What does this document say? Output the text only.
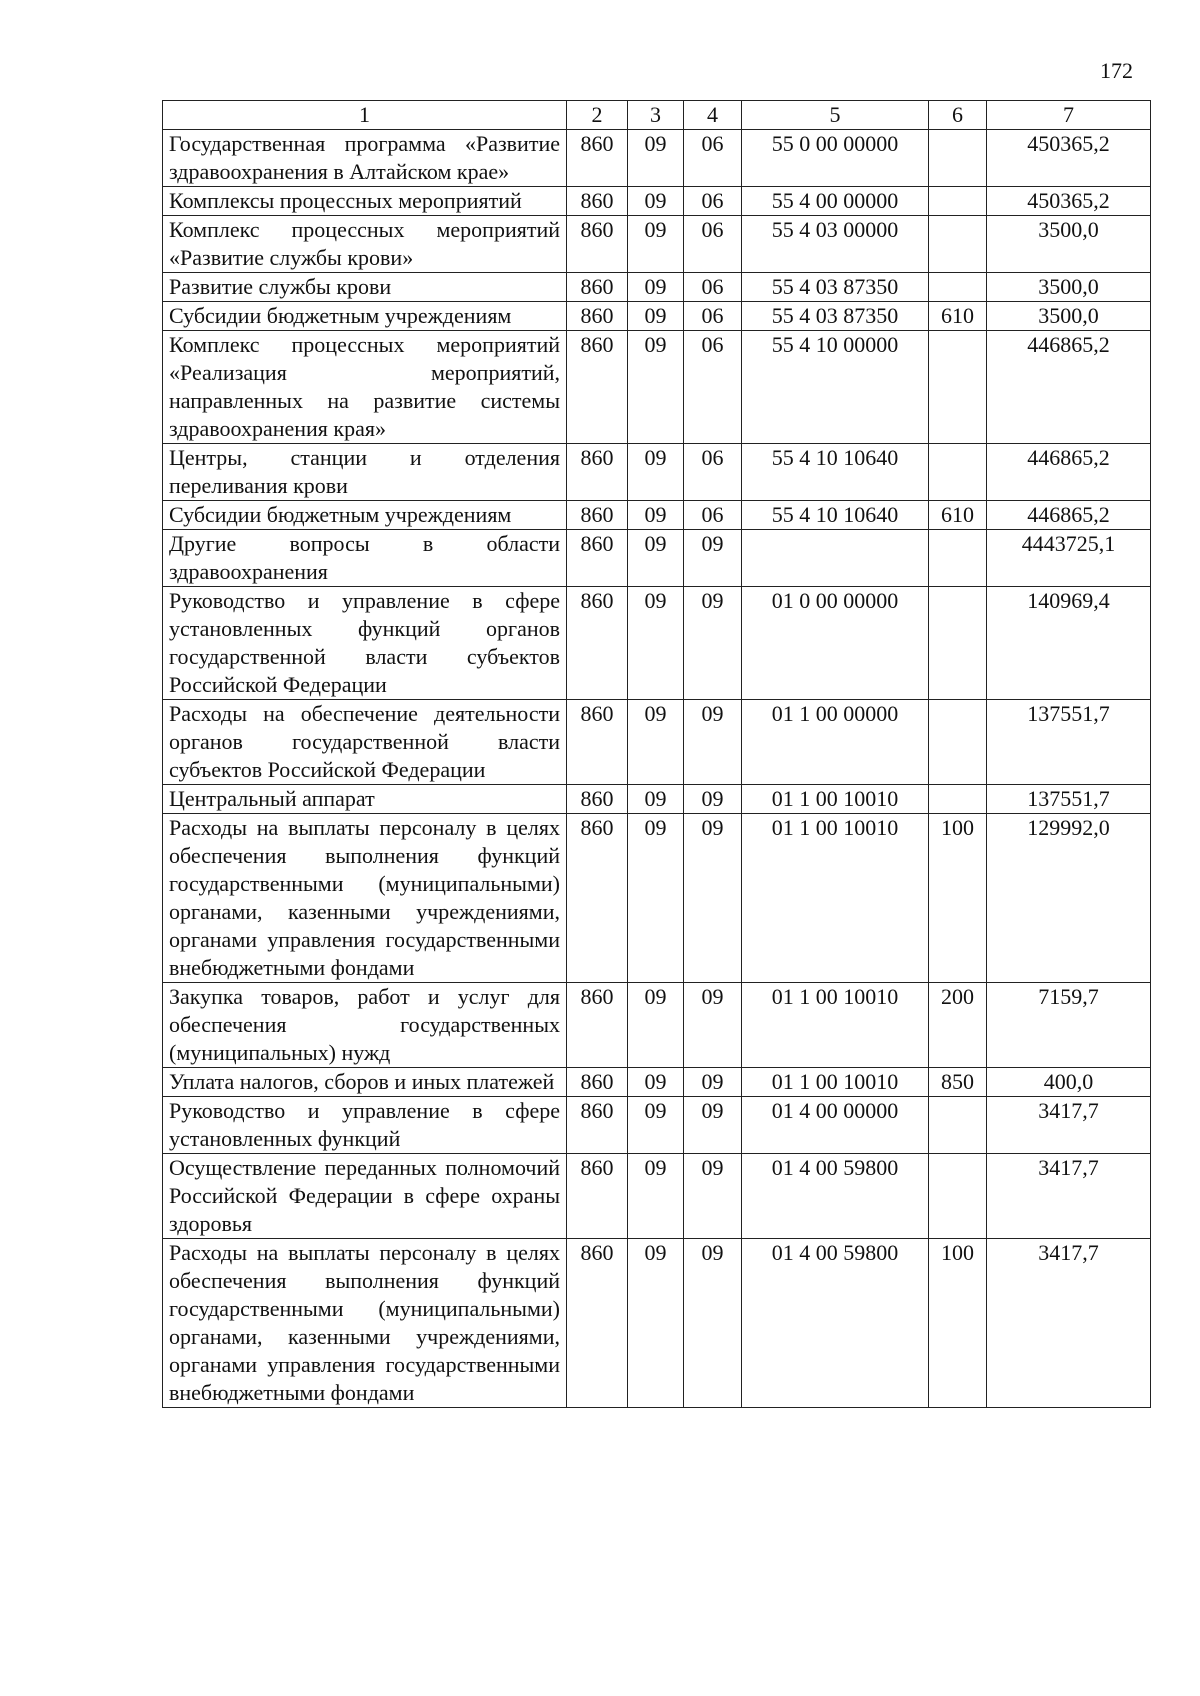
172
1	2	3	4	5	6	7
Государственная программа «Развитие здравоохранения в Алтайском крае»	860	09	06	55 0 00 00000		450365,2
Комплексы процессных мероприятий	860	09	06	55 4 00 00000		450365,2
Комплекс процессных мероприятий «Развитие службы крови»	860	09	06	55 4 03 00000		3500,0
Развитие службы крови	860	09	06	55 4 03 87350		3500,0
Субсидии бюджетным учреждениям	860	09	06	55 4 03 87350	610	3500,0
Комплекс процессных мероприятий «Реализация мероприятий, направленных на развитие системы здравоохранения края»	860	09	06	55 4 10 00000		446865,2
Центры, станции и отделения переливания крови	860	09	06	55 4 10 10640		446865,2
Субсидии бюджетным учреждениям	860	09	06	55 4 10 10640	610	446865,2
Другие вопросы в области здравоохранения	860	09	09			4443725,1
Руководство и управление в сфере установленных функций органов государственной власти субъектов Российской Федерации	860	09	09	01 0 00 00000		140969,4
Расходы на обеспечение деятельности органов государственной власти субъектов Российской Федерации	860	09	09	01 1 00 00000		137551,7
Центральный аппарат	860	09	09	01 1 00 10010		137551,7
Расходы на выплаты персоналу в целях обеспечения выполнения функций государственными (муниципальными) органами, казенными учреждениями, органами управления государственными внебюджетными фондами	860	09	09	01 1 00 10010	100	129992,0
Закупка товаров, работ и услуг для обеспечения государственных (муниципальных) нужд	860	09	09	01 1 00 10010	200	7159,7
Уплата налогов, сборов и иных платежей	860	09	09	01 1 00 10010	850	400,0
Руководство и управление в сфере установленных функций	860	09	09	01 4 00 00000		3417,7
Осуществление переданных полномочий Российской Федерации в сфере охраны здоровья	860	09	09	01 4 00 59800		3417,7
Расходы на выплаты персоналу в целях обеспечения выполнения функций государственными (муниципальными) органами, казенными учреждениями, органами управления государственными внебюджетными фондами	860	09	09	01 4 00 59800	100	3417,7
